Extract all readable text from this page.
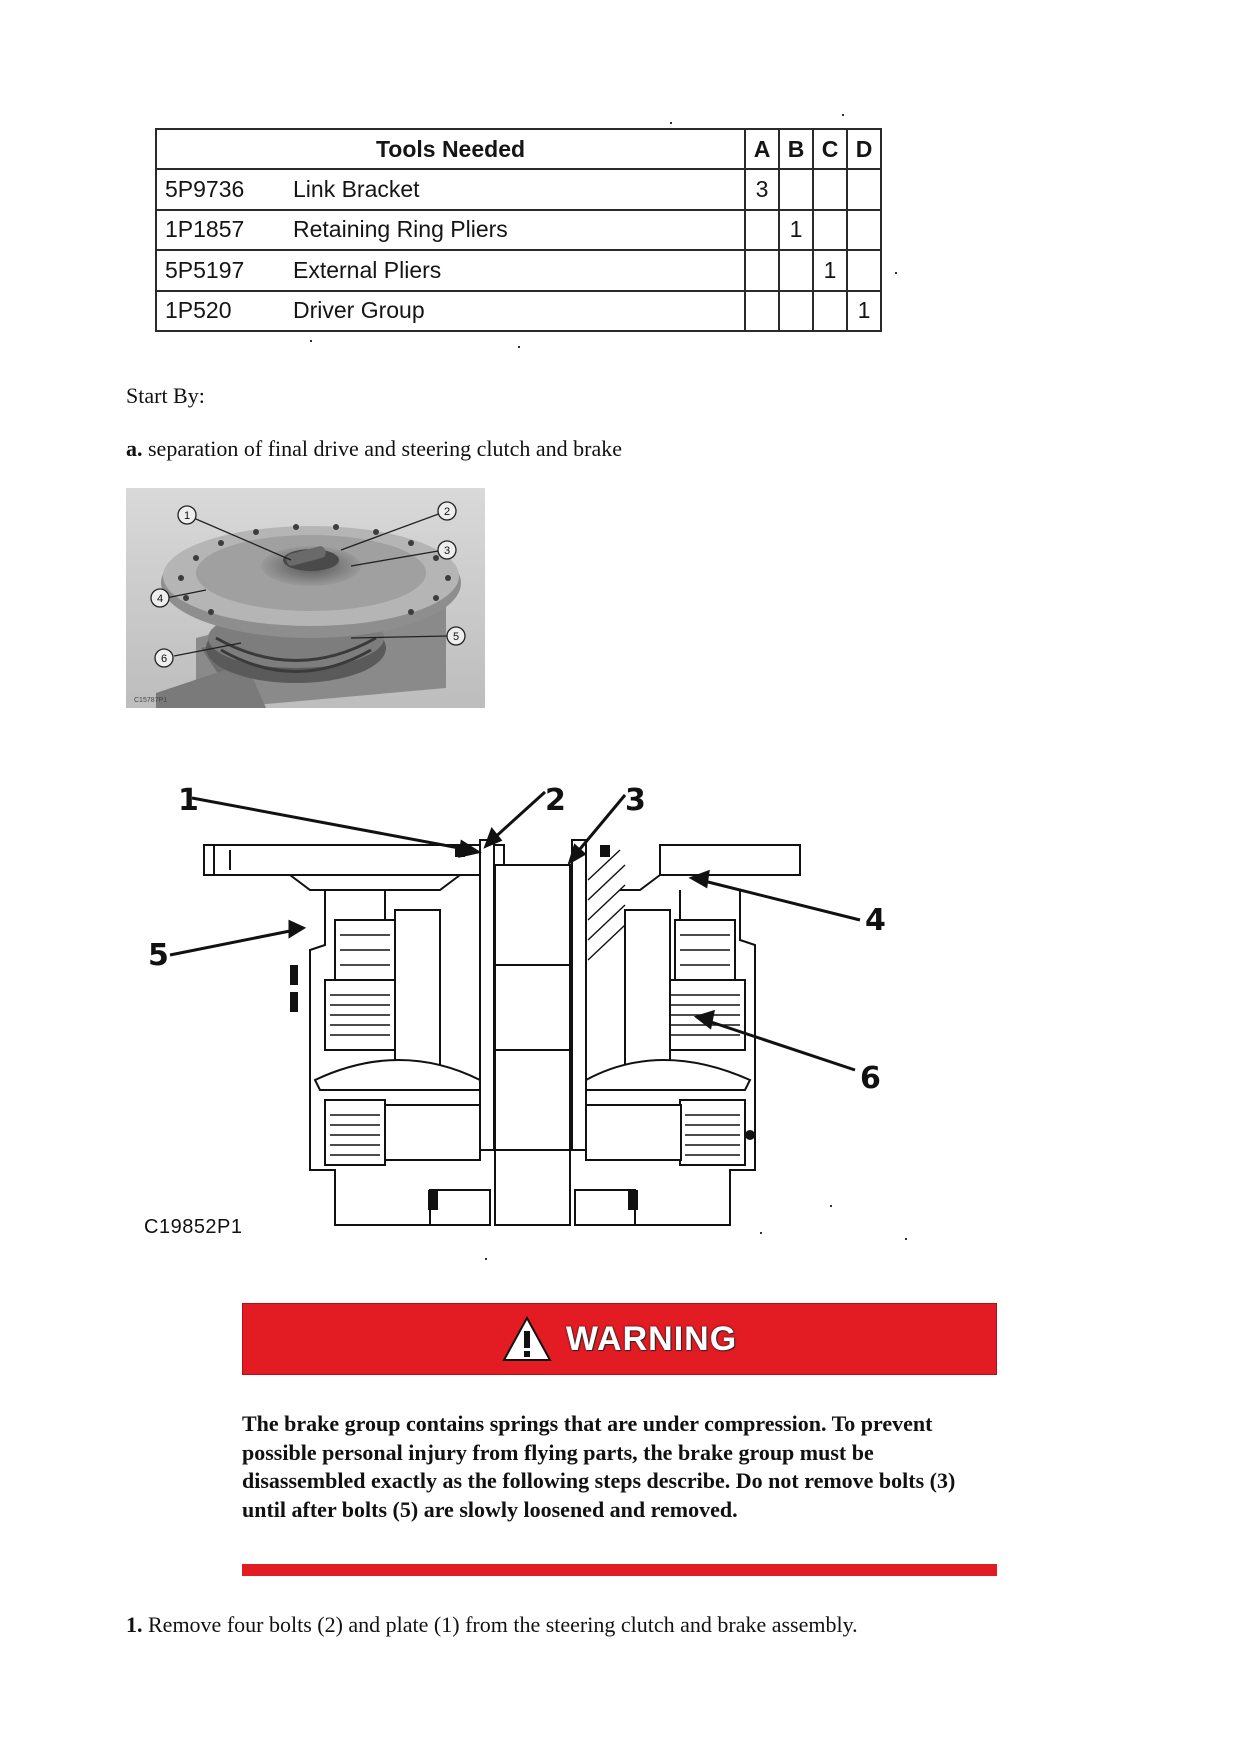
Tools Needed		A	B	C	D
5P9736	Link Bracket	3			
1P1857	Retaining Ring Pliers		1		
5P5197	External Pliers			1	
1P520	Driver Group				1
Start By:
a. separation of final drive and steering clutch and brake
1	2
3
4
5
6
C15787P1
1	2 3
4
5
6
C19852P1
WARNING
The brake group contains springs that are under compression. To prevent possible personal injury from flying parts, the brake group must be disassembled exactly as the following steps describe. Do not remove bolts (3) until after bolts (5) are slowly loosened and removed.
1. Remove four bolts (2) and plate (1) from the steering clutch and brake assembly.
